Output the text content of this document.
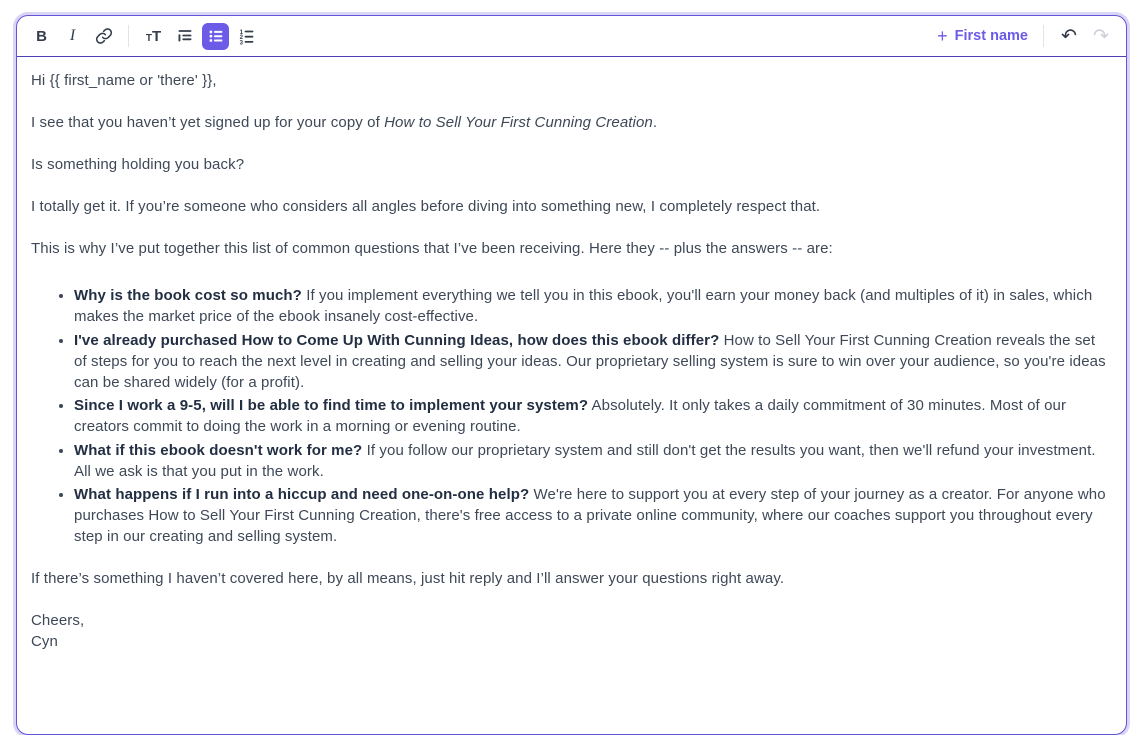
B I	T T	1
2
3	+ First name ↶ ↷

Hi {{ first_name or 'there' }},

I see that you haven’t yet signed up for your copy of How to Sell Your First Cunning Creation.

Is something holding you back?

I totally get it. If you’re someone who considers all angles before diving into something new, I completely respect that.

This is why I’ve put together this list of common questions that I’ve been receiving. Here they -- plus the answers -- are:

• Why is the book cost so much? If you implement everything we tell you in this ebook, you'll earn your money back (and multiples of it) in sales, which makes the market price of the ebook insanely cost-effective.
• I've already purchased How to Come Up With Cunning Ideas, how does this ebook differ? How to Sell Your First Cunning Creation reveals the set of steps for you to reach the next level in creating and selling your ideas. Our proprietary selling system is sure to win over your audience, so you're ideas can be shared widely (for a profit).
• Since I work a 9-5, will I be able to find time to implement your system? Absolutely. It only takes a daily commitment of 30 minutes. Most of our creators commit to doing the work in a morning or evening routine.
• What if this ebook doesn't work for me? If you follow our proprietary system and still don't get the results you want, then we'll refund your investment. All we ask is that you put in the work.
• What happens if I run into a hiccup and need one-on-one help? We're here to support you at every step of your journey as a creator. For anyone who purchases How to Sell Your First Cunning Creation, there's free access to a private online community, where our coaches support you throughout every step in our creating and selling system.

If there’s something I haven’t covered here, by all means, just hit reply and I’ll answer your questions right away.

Cheers,
Cyn
